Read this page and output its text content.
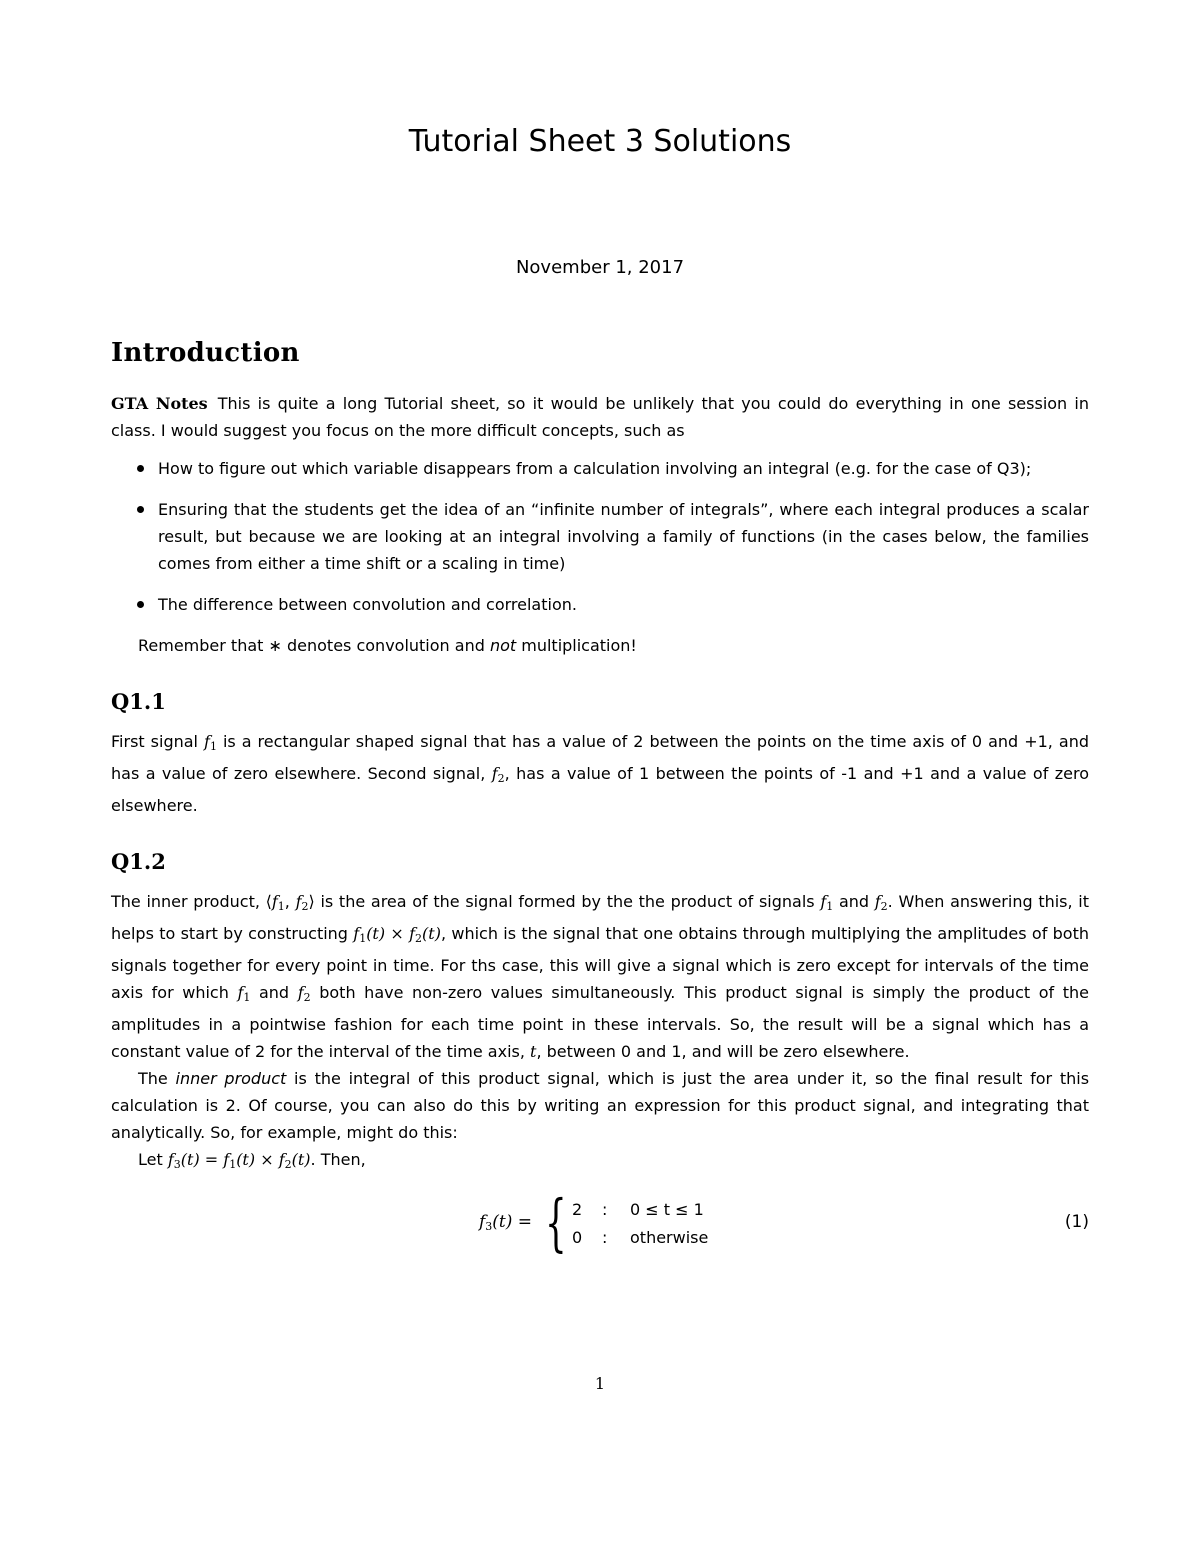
Tutorial Sheet 3 Solutions
November 1, 2017
Introduction

GTA Notes This is quite a long Tutorial sheet, so it would be unlikely that you could do everything in one session in class. I would suggest you focus on the more difficult concepts, such as

How to figure out which variable disappears from a calculation involving an integral (e.g. for the case of Q3);
Ensuring that the students get the idea of an “infinite number of integrals”, where each integral produces a scalar result, but because we are looking at an integral involving a family of functions (in the cases below, the families comes from either a time shift or a scaling in time)
The difference between convolution and correlation.

Remember that ∗ denotes convolution and not multiplication!

Q1.1

First signal f1 is a rectangular shaped signal that has a value of 2 between the points on the time axis of 0 and +1, and has a value of zero elsewhere. Second signal, f2, has a value of 1 between the points of -1 and +1 and a value of zero elsewhere.

Q1.2

The inner product, ⟨f1, f2⟩ is the area of the signal formed by the the product of signals f1 and f2. When answering this, it helps to start by constructing f1(t) × f2(t), which is the signal that one obtains through multiplying the amplitudes of both signals together for every point in time. For ths case, this will give a signal which is zero except for intervals of the time axis for which f1 and f2 both have non-zero values simultaneously. This product signal is simply the product of the amplitudes in a pointwise fashion for each time point in these intervals. So, the result will be a signal which has a constant value of 2 for the interval of the time axis, t, between 0 and 1, and will be zero elsewhere.

The inner product is the integral of this product signal, which is just the area under it, so the final result for this calculation is 2. Of course, you can also do this by writing an expression for this product signal, and integrating that analytically. So, for example, might do this:

Let f3(t) = f1(t) × f2(t). Then,

f3(t) = { 2 : 0 ≤ t ≤ 1
0 : otherwise
(1)
1
